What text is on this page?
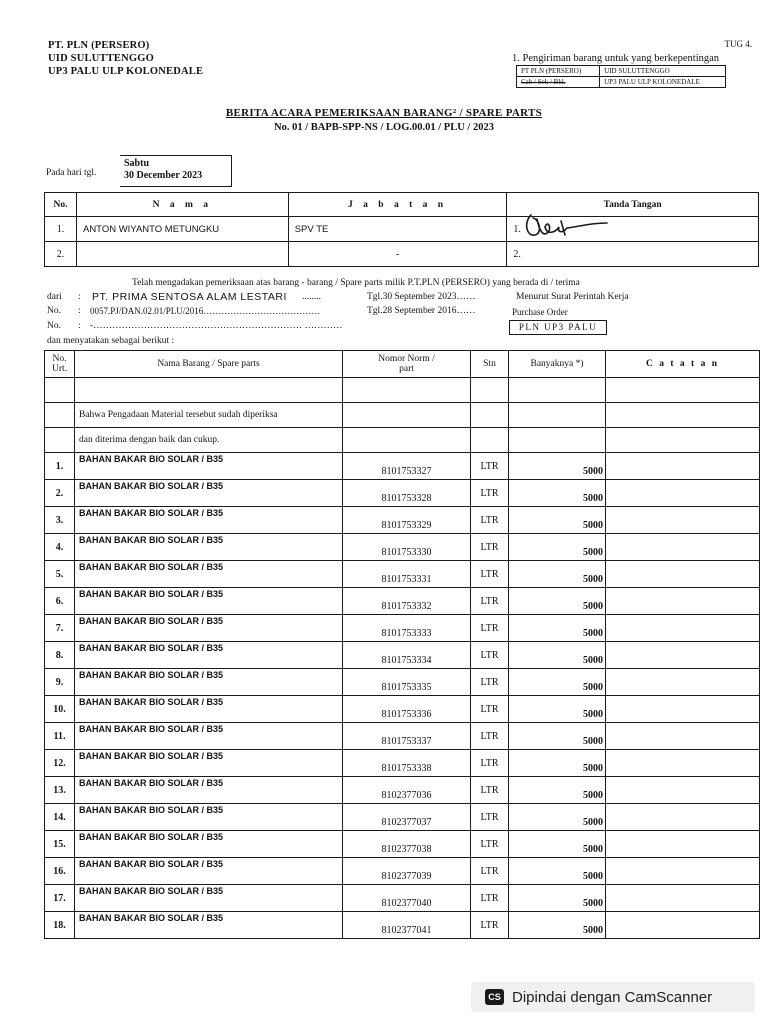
PT. PLN (PERSERO)
UID SULUTTENGGO
UP3 PALU ULP KOLONEDALE
TUG 4.
1. Pengiriman barang untuk yang berkepentingan
PT PLN (PERSERO)	UID SULUTTENGGO
Cab / Sek / Bkl.	UP3 PALU ULP KOLONEDALE
BERITA ACARA PEMERIKSAAN BARANG² / SPARE PARTS
No. 01 / BAPB-SPP-NS / LOG.00.01 / PLU / 2023
Pada hari tgl.
Sabtu
30 December 2023
No.	N a m a	J a b a t a n	Tanda Tangan
1.	ANTON WIYANTO METUNGKU	SPV TE	1.

2.		-	2.
Telah mengadakan pemeriksaan atas barang - barang / Spare parts milik P.T.PLN (PERSERO) yang berada di / terima
dari : PT. PRIMA SENTOSA ALAM LESTARI ........	Tgl.30 September 2023……	Menurut Surat Perintah Kerja
No. : 0057.PJ/DAN.02.01/PLU/2016…………………………………	Tgl.28 September 2016……	Purchase Order
No. : -………………………………………………………… …………	PLN UP3 PALU
dan menyatakan sebagai berikut :
No. Urt.	Nama Barang / Spare parts	Nomor Norm / part	Stn	Banyaknya *)	C a t a t a n

	Bahwa Pengadaan Material tersebut sudah diperiksa				
	dan diterima dengan baik dan cukup.				
1.	BAHAN BAKAR BIO SOLAR / B35	8101753327	LTR	5000	
2.	BAHAN BAKAR BIO SOLAR / B35	8101753328	LTR	5000	
3.	BAHAN BAKAR BIO SOLAR / B35	8101753329	LTR	5000	
4.	BAHAN BAKAR BIO SOLAR / B35	8101753330	LTR	5000	
5.	BAHAN BAKAR BIO SOLAR / B35	8101753331	LTR	5000	
6.	BAHAN BAKAR BIO SOLAR / B35	8101753332	LTR	5000	
7.	BAHAN BAKAR BIO SOLAR / B35	8101753333	LTR	5000	
8.	BAHAN BAKAR BIO SOLAR / B35	8101753334	LTR	5000	
9.	BAHAN BAKAR BIO SOLAR / B35	8101753335	LTR	5000	
10.	BAHAN BAKAR BIO SOLAR / B35	8101753336	LTR	5000	
11.	BAHAN BAKAR BIO SOLAR / B35	8101753337	LTR	5000	
12.	BAHAN BAKAR BIO SOLAR / B35	8101753338	LTR	5000	
13.	BAHAN BAKAR BIO SOLAR / B35	8102377036	LTR	5000	
14.	BAHAN BAKAR BIO SOLAR / B35	8102377037	LTR	5000	
15.	BAHAN BAKAR BIO SOLAR / B35	8102377038	LTR	5000	
16.	BAHAN BAKAR BIO SOLAR / B35	8102377039	LTR	5000	
17.	BAHAN BAKAR BIO SOLAR / B35	8102377040	LTR	5000	
18.	BAHAN BAKAR BIO SOLAR / B35	8102377041	LTR	5000	
CS Dipindai dengan CamScanner
